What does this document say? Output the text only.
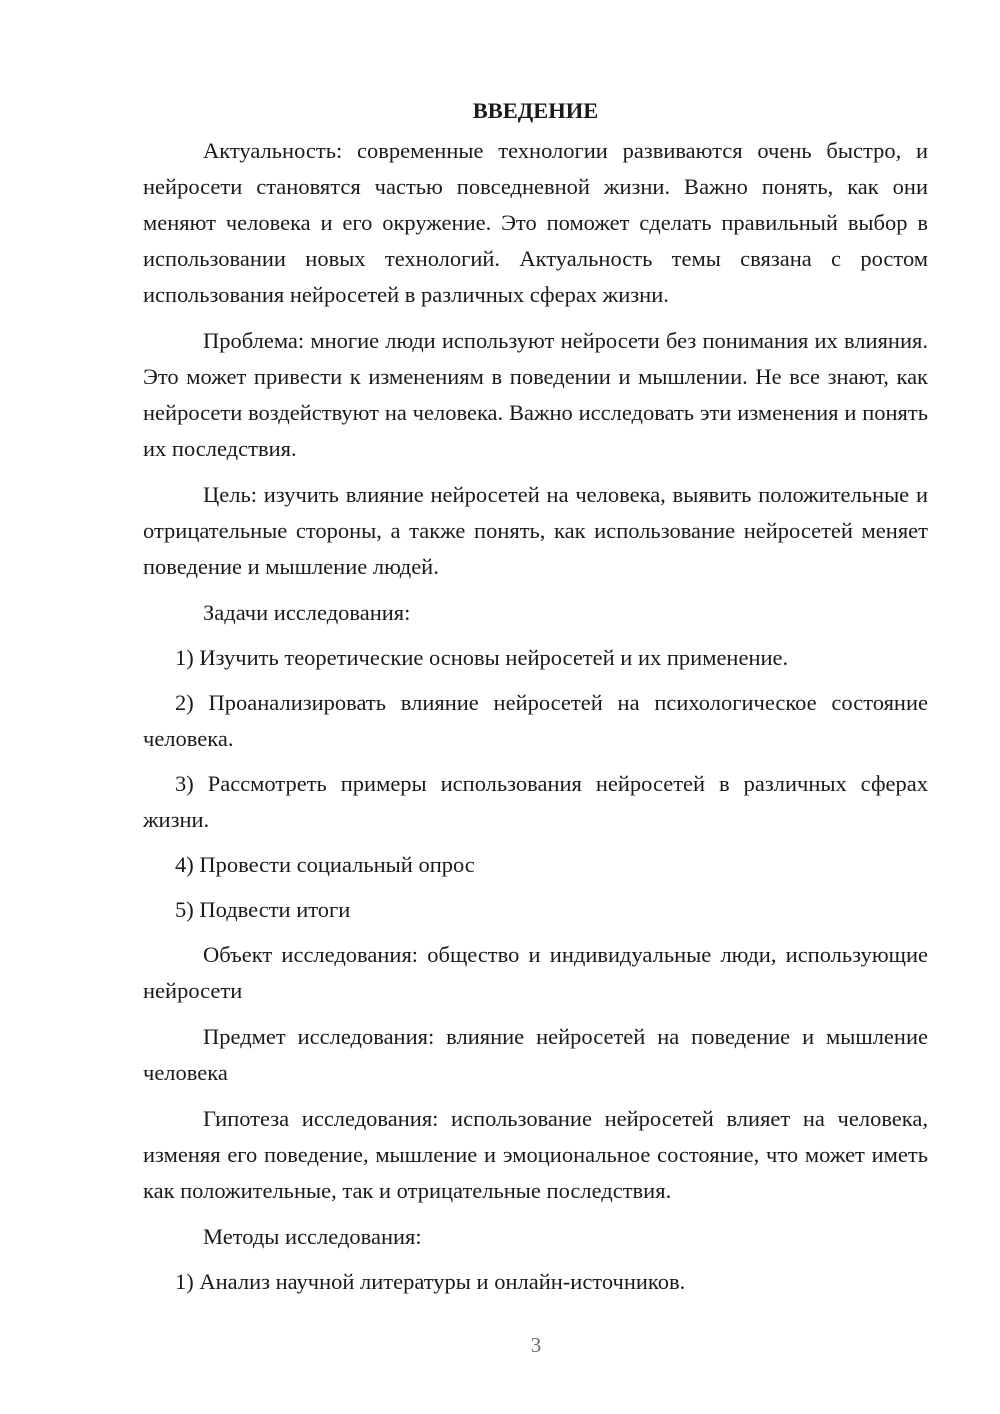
ВВЕДЕНИЕ

Актуальность: современные технологии развиваются очень быстро, и нейросети становятся частью повседневной жизни. Важно понять, как они меняют человека и его окружение. Это поможет сделать правильный выбор в использовании новых технологий. Актуальность темы связана с ростом использования нейросетей в различных сферах жизни.

Проблема: многие люди используют нейросети без понимания их влияния. Это может привести к изменениям в поведении и мышлении. Не все знают, как нейросети воздействуют на человека. Важно исследовать эти изменения и понять их последствия.

Цель: изучить влияние нейросетей на человека, выявить положительные и отрицательные стороны, а также понять, как использование нейросетей меняет поведение и мышление людей.

Задачи исследования:

1) Изучить теоретические основы нейросетей и их применение.

2) Проанализировать влияние нейросетей на психологическое состояние человека.

3) Рассмотреть примеры использования нейросетей в различных сферах жизни.

4) Провести социальный опрос

5) Подвести итоги

Объект исследования: общество и индивидуальные люди, использующие нейросети

Предмет исследования: влияние нейросетей на поведение и мышление человека

Гипотеза исследования: использование нейросетей влияет на человека, изменяя его поведение, мышление и эмоциональное состояние, что может иметь как положительные, так и отрицательные последствия.

Методы исследования:

1) Анализ научной литературы и онлайн-источников.

3
